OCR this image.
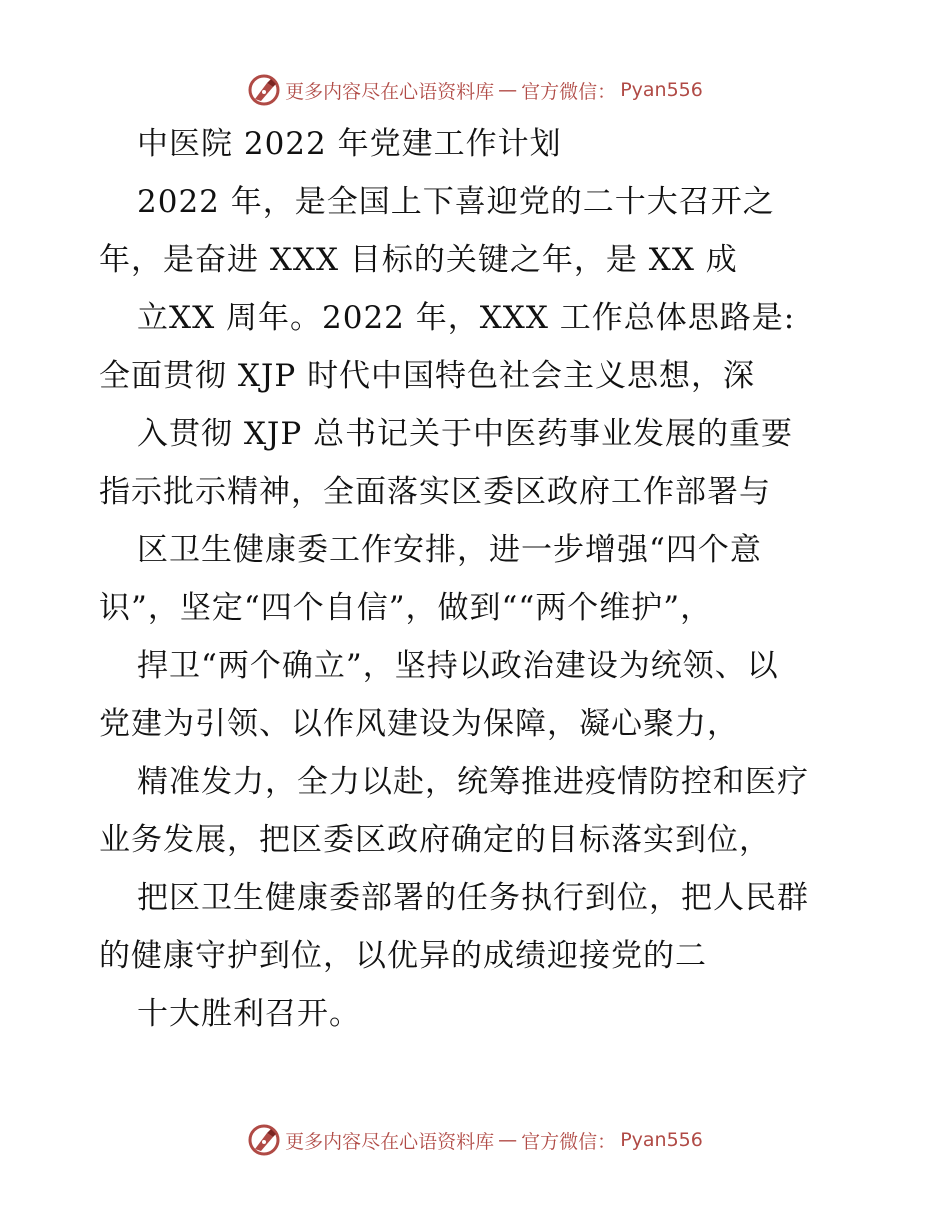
更多内容尽在心语资料库 — 官方微信： Pyan556
中医院 2022 年党建工作计划
2022 年，是全国上下喜迎党的二十大召开之
年，是奋进 XXX 目标的关键之年，是 XX 成
立XX 周年。2022 年，XXX 工作总体思路是:
全面贯彻 XJP 时代中国特色社会主义思想，深
入贯彻 XJP 总书记关于中医药事业发展的重要
指示批示精神，全面落实区委区政府工作部署与
区卫生健康委工作安排，进一步增强“四个意
识”，坚定“四个自信”，做到““两个维护”，
捍卫“两个确立”，坚持以政治建设为统领、以
党建为引领、以作风建设为保障，凝心聚力，
精准发力，全力以赴，统筹推进疫情防控和医疗
业务发展，把区委区政府确定的目标落实到位，
把区卫生健康委部署的任务执行到位，把人民群
的健康守护到位，以优异的成绩迎接党的二
十大胜利召开。
更多内容尽在心语资料库 — 官方微信： Pyan556
